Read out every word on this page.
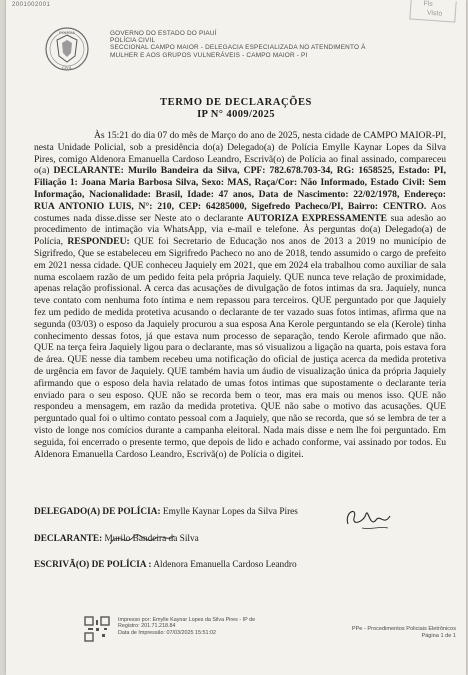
2001002001	Fls
Visto
POLÍCIA
CIVIL
GOVERNO DO ESTADO DO PIAUÍ
POLÍCIA CIVIL
SECCIONAL CAMPO MAIOR - DELEGACIA ESPECIALIZADA NO ATENDIMENTO À
MULHER E AOS GRUPOS VULNERÁVEIS - CAMPO MAIOR - PI
TERMO DE DECLARAÇÕES
IP N° 4009/2025

Às 15:21 do dia 07 do mês de Março do ano de 2025, nesta cidade de CAMPO MAIOR-PI, nesta Unidade Policial, sob a presidência do(a) Delegado(a) de Polícia Emylle Kaynar Lopes da Silva Pires, comigo Aldenora Emanuella Cardoso Leandro, Escrivã(o) de Polícia ao final assinado, compareceu o(a) DECLARANTE: Murilo Bandeira da Silva, CPF: 782.678.703-34, RG: 1658525, Estado: PI, Filiação 1: Joana Maria Barbosa Silva, Sexo: MAS, Raça/Cor: Não Informado, Estado Civil: Sem Informação, Nacionalidade: Brasil, Idade: 47 anos, Data de Nascimento: 22/02/1978, Endereço: RUA ANTONIO LUIS, N°: 210, CEP: 64285000, Sigefredo Pacheco/PI, Bairro: CENTRO. Aos costumes nada disse.disse ser Neste ato o declarante AUTORIZA EXPRESSAMENTE sua adesão ao procedimento de intimação via WhatsApp, via e-mail e telefone. Às perguntas do(a) Delegado(a) de Polícia, RESPONDEU: QUE foi Secretario de Educação nos anos de 2013 a 2019 no município de Sigrifredo, Que se estabeleceu em Sigrifredo Pacheco no ano de 2018, tendo assumido o cargo de prefeito em 2021 nessa cidade. QUE conheceu Jaquiely em 2021, que em 2024 ela trabalhou como auxiliar de sala numa escolaem razão de um pedido feita pela própria Jaquiely. QUE nunca teve relação de proximidade, apenas relação profissional. A cerca das acusações de divulgação de fotos intimas da sra. Jaquiely, nunca teve contato com nenhuma foto íntima e nem repassou para terceiros. QUE perguntado por que Jaquiely fez um pedido de medida protetiva acusando o declarante de ter vazado suas fotos intimas, afirma que na segunda (03/03) o esposo da Jaquiely procurou a sua esposa Ana Kerole perguntando se ela (Kerole) tinha conhecimento dessas fotos, já que estava num processo de separação, tendo Kerole afirmado que não. QUE na terça feira Jaquiely ligou para o declarante, mas só visualizou a ligação na quarta, pois estava fora de área. QUE nesse dia tambem recebeu uma notificação do oficial de justiça acerca da medida protetiva de urgência em favor de Jaquiely. QUE também havia um áudio de visualização única da própria Jaquiely afirmando que o esposo dela havia relatado de umas fotos intimas que supostamente o declarante teria enviado para o seu esposo. QUE não se recorda bem o teor, mas era mais ou menos isso. QUE não respondeu a mensagem, em razão da medida protetiva. QUE não sabe o motivo das acusações. QUE perguntado qual foi o ultimo contato pessoal com a Jaquiely, que não se recorda, que só se lembra de ter a visto de longe nos comícios durante a campanha eleitoral. Nada mais disse e nem lhe foi perguntado. Em seguida, foi encerrado o presente termo, que depois de lido e achado conforme, vai assinado por todos. Eu Aldenora Emanuella Cardoso Leandro, Escrivã(o) de Polícia o digitei.

DELEGADO(A) DE POLÍCIA: Emylle Kaynar Lopes da Silva Pires
DECLARANTE: Murilo Bandeira da Silva
ESCRIVÃ(O) DE POLÍCIA : Aldenora Emanuella Cardoso Leandro
Impresso por: Emylle Kaynar Lopes da Silva Pires - IP de
Registro: 201.71.218.84
Data de Impressão: 07/03/2025 15:51:02
PPe - Procedimentos Policiais Eletrônicos
Página 1 de 1
